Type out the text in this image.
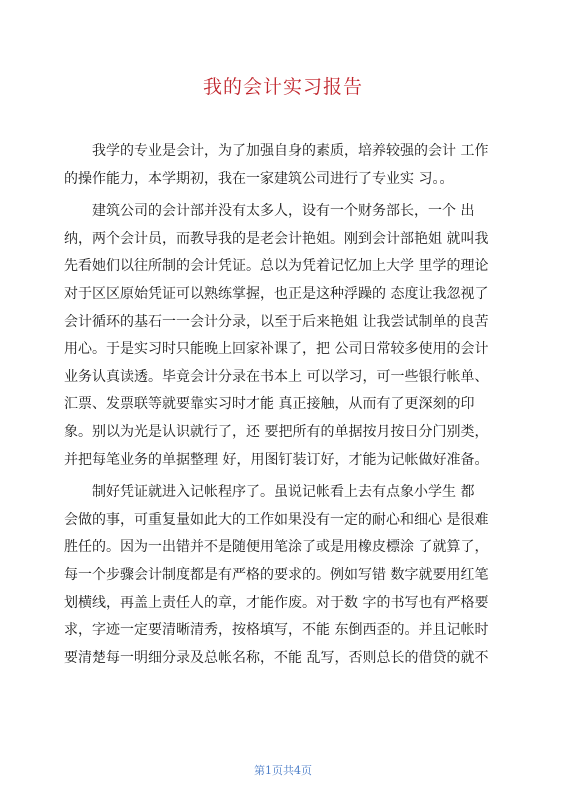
我的会计实习报告
我学的专业是会计，为了加强自身的素质，培养较强的会计 工作
的操作能力，本学期初，我在一家建筑公司进行了专业实 习。。
建筑公司的会计部并没有太多人，设有一个财务部长，一个 出
纳，两个会计员，而教导我的是老会计艳姐。刚到会计部艳姐 就叫我
先看她们以往所制的会计凭证。总以为凭着记忆加上大学 里学的理论
对于区区原始凭证可以熟练掌握，也正是这种浮躁的 态度让我忽视了
会计循环的基石一一会计分录，以至于后来艳姐 让我尝试制单的良苦
用心。于是实习时只能晚上回家补课了，把 公司日常较多使用的会计
业务认真读透。毕竟会计分录在书本上 可以学习，可一些银行帐单、
汇票、发票联等就要靠实习时才能 真正接触，从而有了更深刻的印
象。别以为光是认识就行了，还 要把所有的单据按月按日分门别类，
并把每笔业务的单据整理 好，用图钉装订好，才能为记帐做好准备。
制好凭证就进入记帐程序了。虽说记帐看上去有点象小学生 都
会做的事，可重复量如此大的工作如果没有一定的耐心和细心 是很难
胜任的。因为一出错并不是随便用笔涂了或是用橡皮標涂 了就算了，
每一个步骤会计制度都是有严格的要求的。例如写错 数字就要用红笔
划横线，再盖上责任人的章，才能作废。对于数 字的书写也有严格要
求，字迹一定要清晰清秀，按格填写，不能 东倒西歪的。并且记帐时
要清楚每一明细分录及总帐名称，不能 乱写，否则总长的借贷的就不
第1页共4页
